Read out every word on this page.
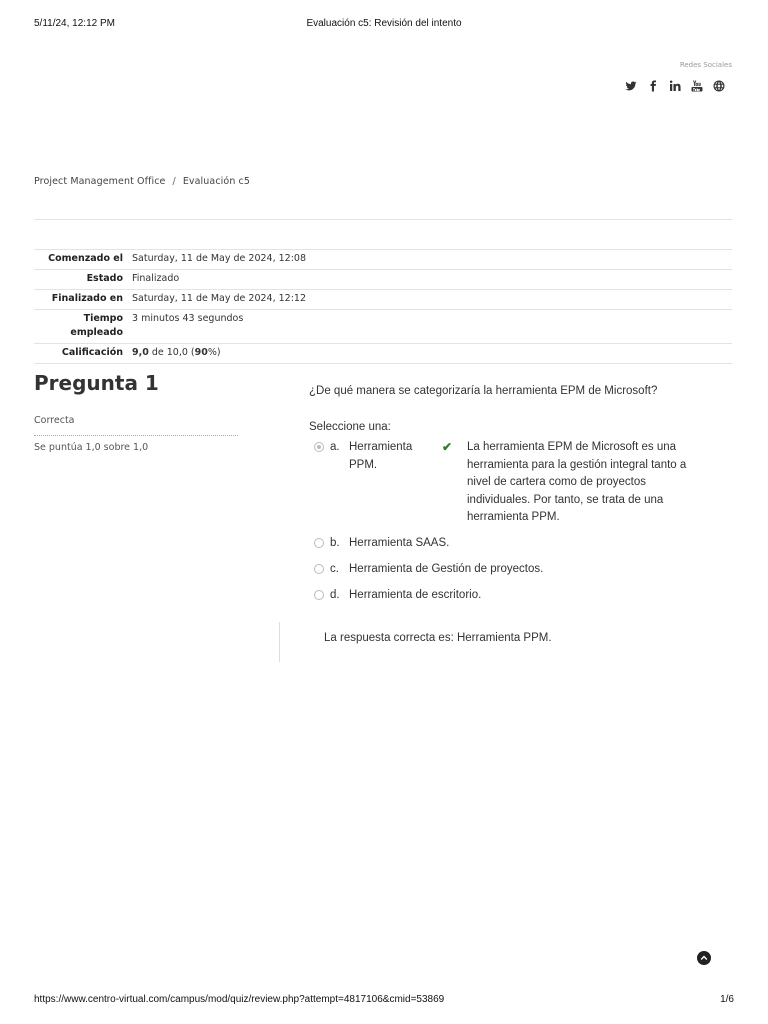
5/11/24, 12:12 PM	Evaluación c5: Revisión del intento
Redes Sociales
Project Management Office / Evaluación c5
Comenzado el Saturday, 11 de May de 2024, 12:08
Estado Finalizado
Finalizado en Saturday, 11 de May de 2024, 12:12
Tiempo empleado
3 minutos 43 segundos
Calificación 9,0 de 10,0 (90%)
Pregunta 1
Correcta
Se puntúa 1,0 sobre 1,0
¿De qué manera se categorizaría la herramienta EPM de Microsoft?
Seleccione una:
a. Herramienta PPM.
✔ La herramienta EPM de Microsoft es una herramienta para la gestión integral tanto a nivel de cartera como de proyectos individuales. Por tanto, se trata de una herramienta PPM.
b. Herramienta SAAS.
c. Herramienta de Gestión de proyectos.
d. Herramienta de escritorio.
La respuesta correcta es: Herramienta PPM.
https://www.centro-virtual.com/campus/mod/quiz/review.php?attempt=4817106&cmid=53869	1/6
